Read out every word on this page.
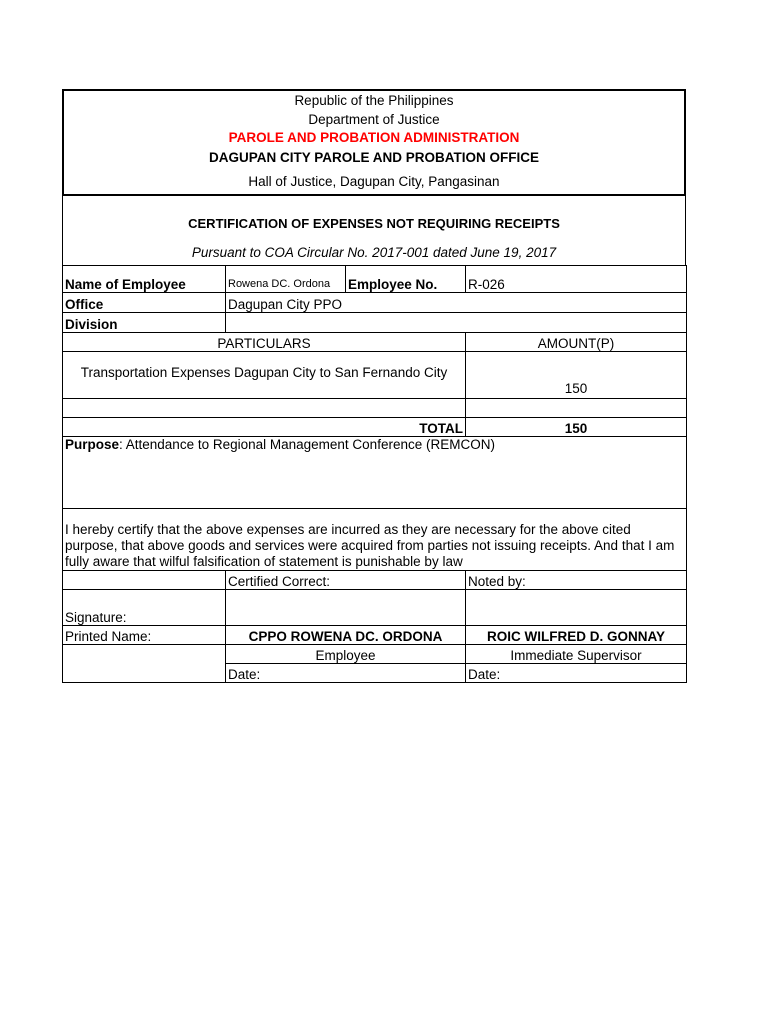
Republic of the Philippines
Department of Justice
PAROLE AND PROBATION ADMINISTRATION
DAGUPAN CITY PAROLE AND PROBATION OFFICE
Hall of Justice, Dagupan City, Pangasinan
CERTIFICATION OF EXPENSES NOT REQUIRING RECEIPTS
Pursuant to COA Circular No. 2017-001 dated June 19, 2017
Name of Employee	Rowena DC. Ordona	Employee No.	R-026
Office	Dagupan City PPO		
Division			
PARTICULARS			AMOUNT(P)
Transportation Expenses Dagupan City to San Fernando City			150

TOTAL			150
Purpose: Attendance to Regional Management Conference (REMCON)			
I hereby certify that the above expenses are incurred as they are necessary for the above cited purpose, that above goods and services were acquired from parties not issuing receipts. And that I am fully aware that wilful falsification of statement is punishable by law			
	Certified Correct:		Noted by:
Signature:			
Printed Name:	CPPO ROWENA DC. ORDONA		ROIC WILFRED D. GONNAY
	Employee		Immediate Supervisor
	Date:		Date:
